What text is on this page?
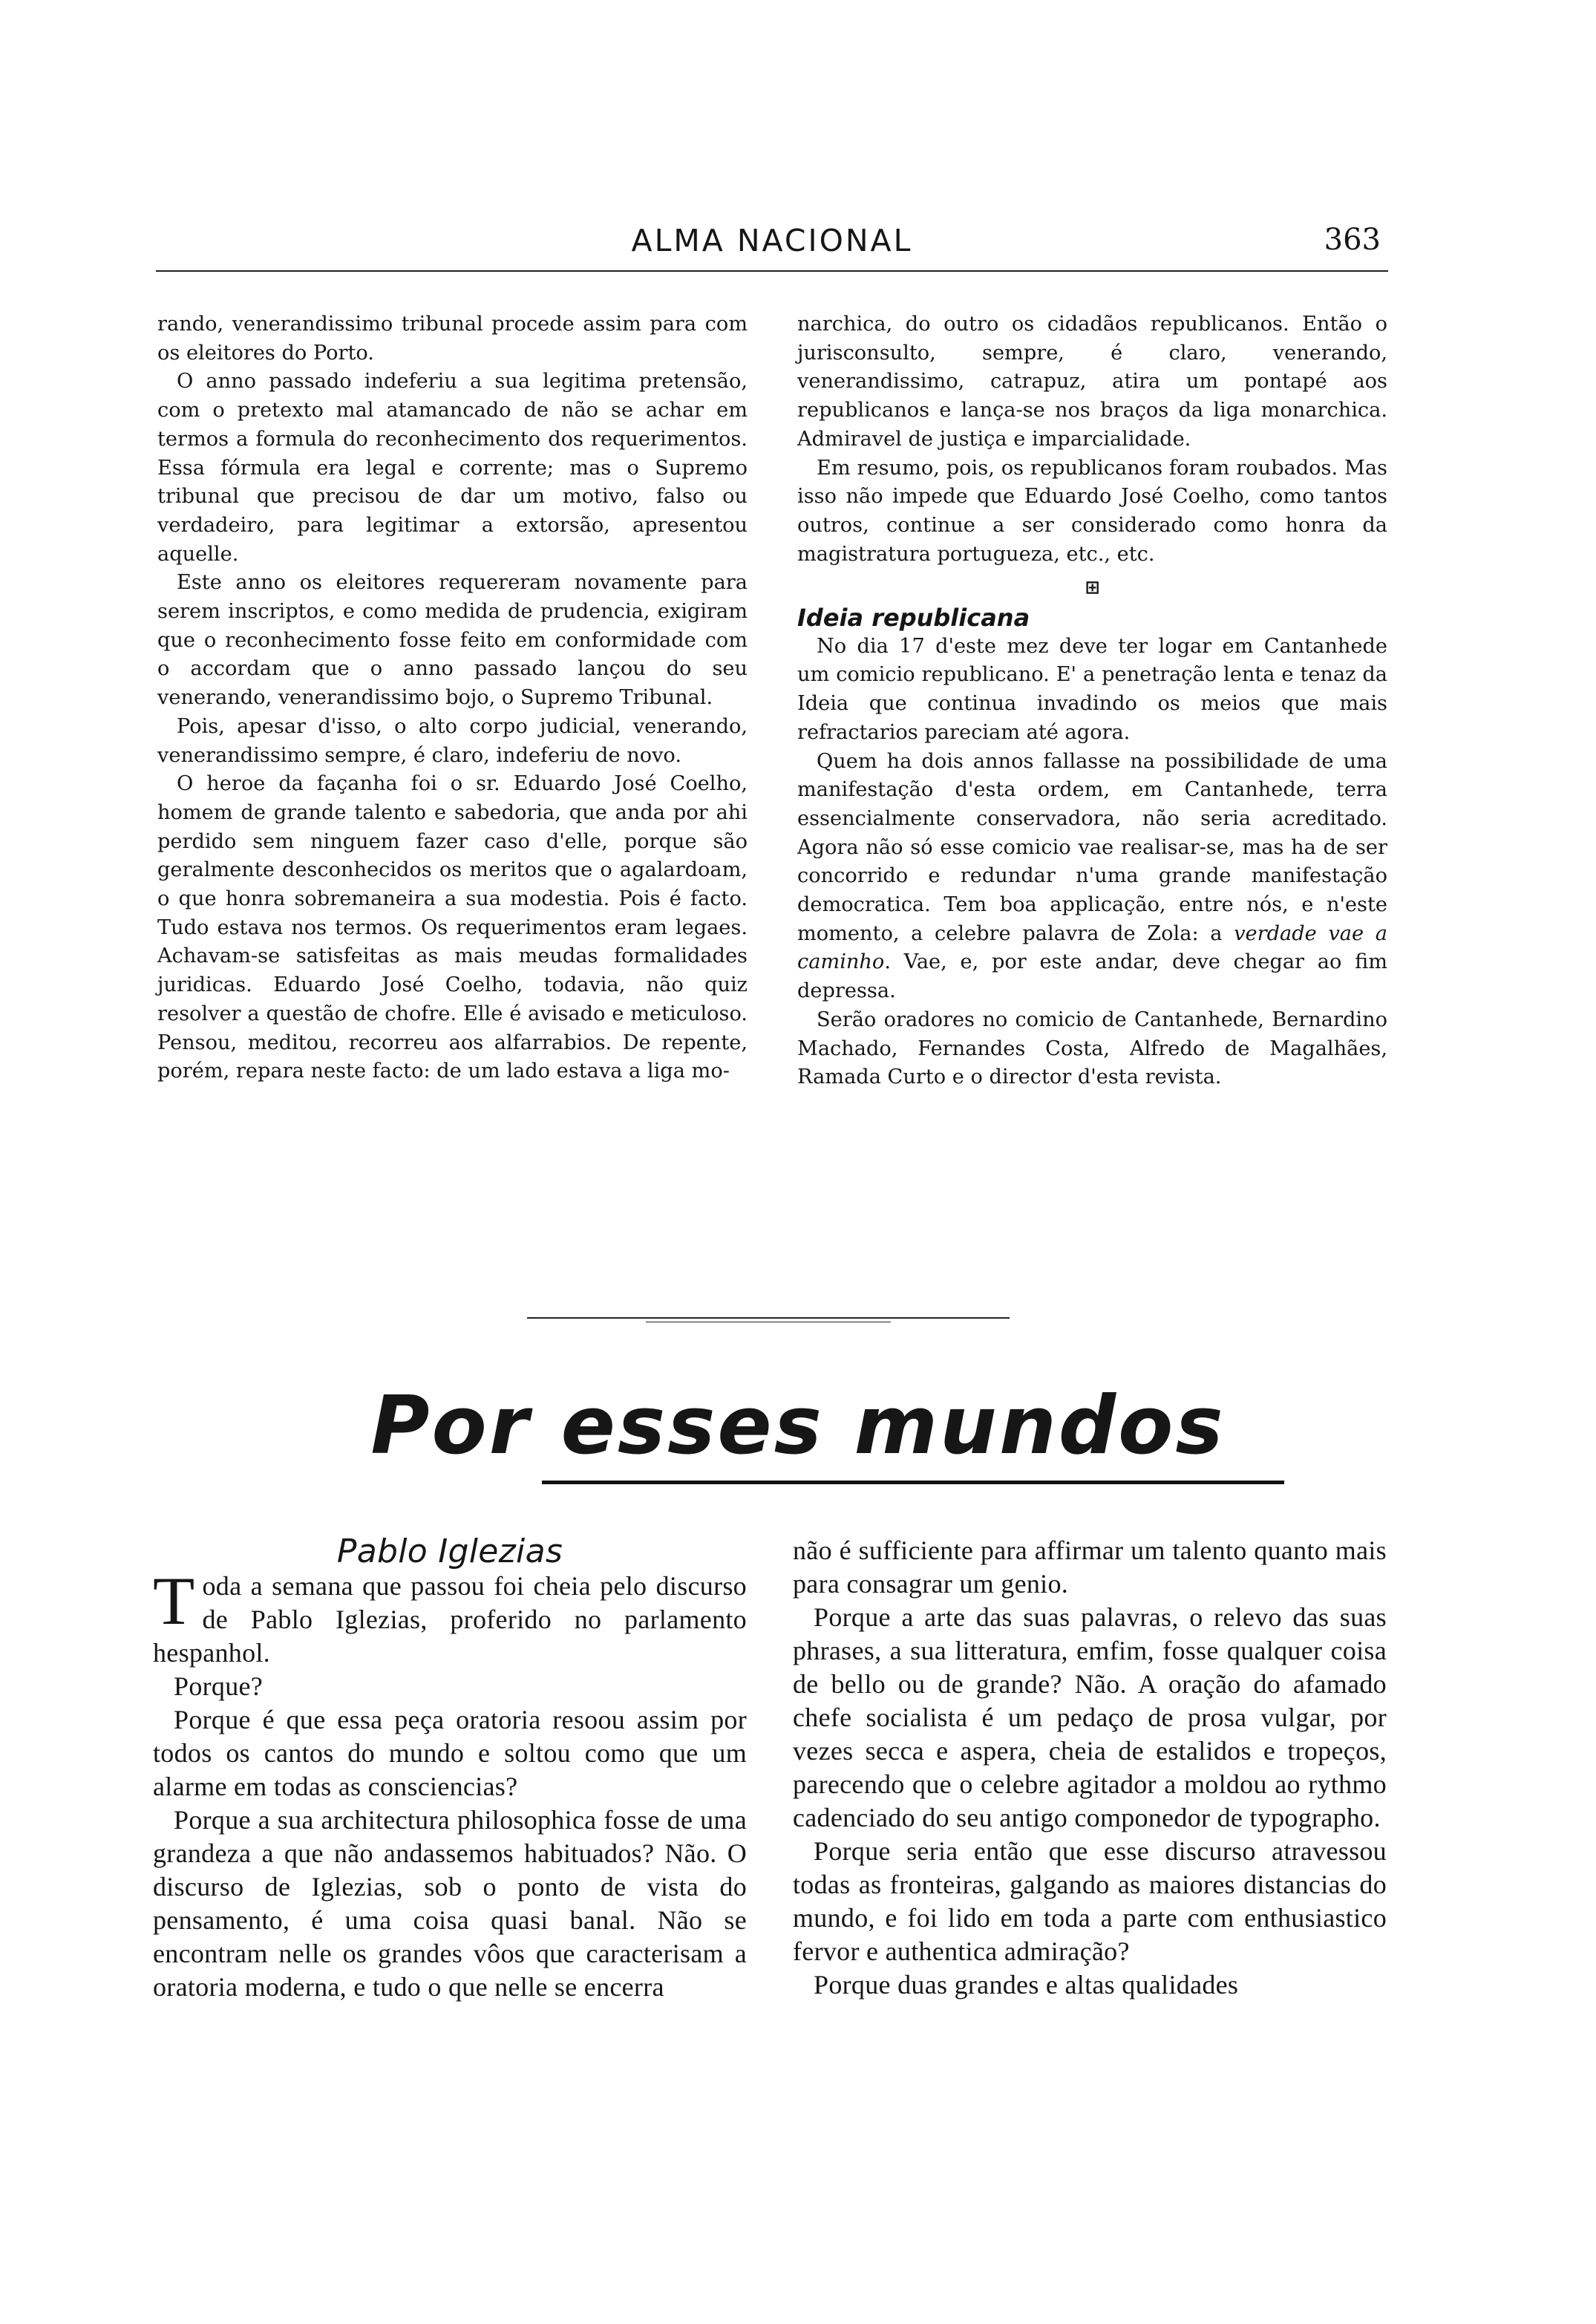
ALMA NACIONAL	363

rando, venerandissimo tribunal procede assim para com os eleitores do Porto.

O anno passado indeferiu a sua legitima pretensão, com o pretexto mal atamancado de não se achar em termos a formula do reconhecimento dos requerimentos. Essa fórmula era legal e corrente; mas o Supremo tribunal que precisou de dar um motivo, falso ou verdadeiro, para legitimar a extorsão, apresentou aquelle.

Este anno os eleitores requereram novamente para serem inscriptos, e como medida de prudencia, exigiram que o reconhecimento fosse feito em conformidade com o accordam que o anno passado lançou do seu venerando, venerandissimo bojo, o Supremo Tribunal.

Pois, apesar d'isso, o alto corpo judicial, venerando, venerandissimo sempre, é claro, indeferiu de novo.

O heroe da façanha foi o sr. Eduardo José Coelho, homem de grande talento e sabedoria, que anda por ahi perdido sem ninguem fazer caso d'elle, porque são geralmente desconhecidos os meritos que o agalardoam, o que honra sobremaneira a sua modestia. Pois é facto. Tudo estava nos termos. Os requerimentos eram legaes. Achavam-se satisfeitas as mais meudas formalidades juridicas. Eduardo José Coelho, todavia, não quiz resolver a questão de chofre. Elle é avisado e meticuloso. Pensou, meditou, recorreu aos alfarrabios. De repente, porém, repara neste facto: de um lado estava a liga mo-

narchica, do outro os cidadãos republicanos. Então o jurisconsulto, sempre, é claro, venerando, venerandissimo, catrapuz, atira um pontapé aos republicanos e lança-se nos braços da liga monarchica. Admiravel de justiça e imparcialidade.

Em resumo, pois, os republicanos foram roubados. Mas isso não impede que Eduardo José Coelho, como tantos outros, continue a ser considerado como honra da magistratura portugueza, etc., etc.

⊞

Ideia republicana

No dia 17 d'este mez deve ter logar em Cantanhede um comicio republicano. E' a penetração lenta e tenaz da Ideia que continua invadindo os meios que mais refractarios pareciam até agora.

Quem ha dois annos fallasse na possibilidade de uma manifestação d'esta ordem, em Cantanhede, terra essencialmente conservadora, não seria acreditado. Agora não só esse comicio vae realisar-se, mas ha de ser concorrido e redundar n'uma grande manifestação democratica. Tem boa applicação, entre nós, e n'este momento, a celebre palavra de Zola: a verdade vae a caminho. Vae, e, por este andar, deve chegar ao fim depressa.

Serão oradores no comicio de Cantanhede, Bernardino Machado, Fernandes Costa, Alfredo de Magalhães, Ramada Curto e o director d'esta revista.

Por esses mundos

Pablo Iglezias

Toda a semana que passou foi cheia pelo discurso de Pablo Iglezias, proferido no parlamento hespanhol.

Porque?

Porque é que essa peça oratoria resoou assim por todos os cantos do mundo e soltou como que um alarme em todas as consciencias?

Porque a sua architectura philosophica fosse de uma grandeza a que não andassemos habituados? Não. O discurso de Iglezias, sob o ponto de vista do pensamento, é uma coisa quasi banal. Não se encontram nelle os grandes vôos que caracterisam a oratoria moderna, e tudo o que nelle se encerra

não é sufficiente para affirmar um talento quanto mais para consagrar um genio.

Porque a arte das suas palavras, o relevo das suas phrases, a sua litteratura, emfim, fosse qualquer coisa de bello ou de grande? Não. A oração do afamado chefe socialista é um pedaço de prosa vulgar, por vezes secca e aspera, cheia de estalidos e tropeços, parecendo que o celebre agitador a moldou ao rythmo cadenciado do seu antigo componedor de typographo.

Porque seria então que esse discurso atravessou todas as fronteiras, galgando as maiores distancias do mundo, e foi lido em toda a parte com enthusiastico fervor e authentica admiração?

Porque duas grandes e altas qualidades
